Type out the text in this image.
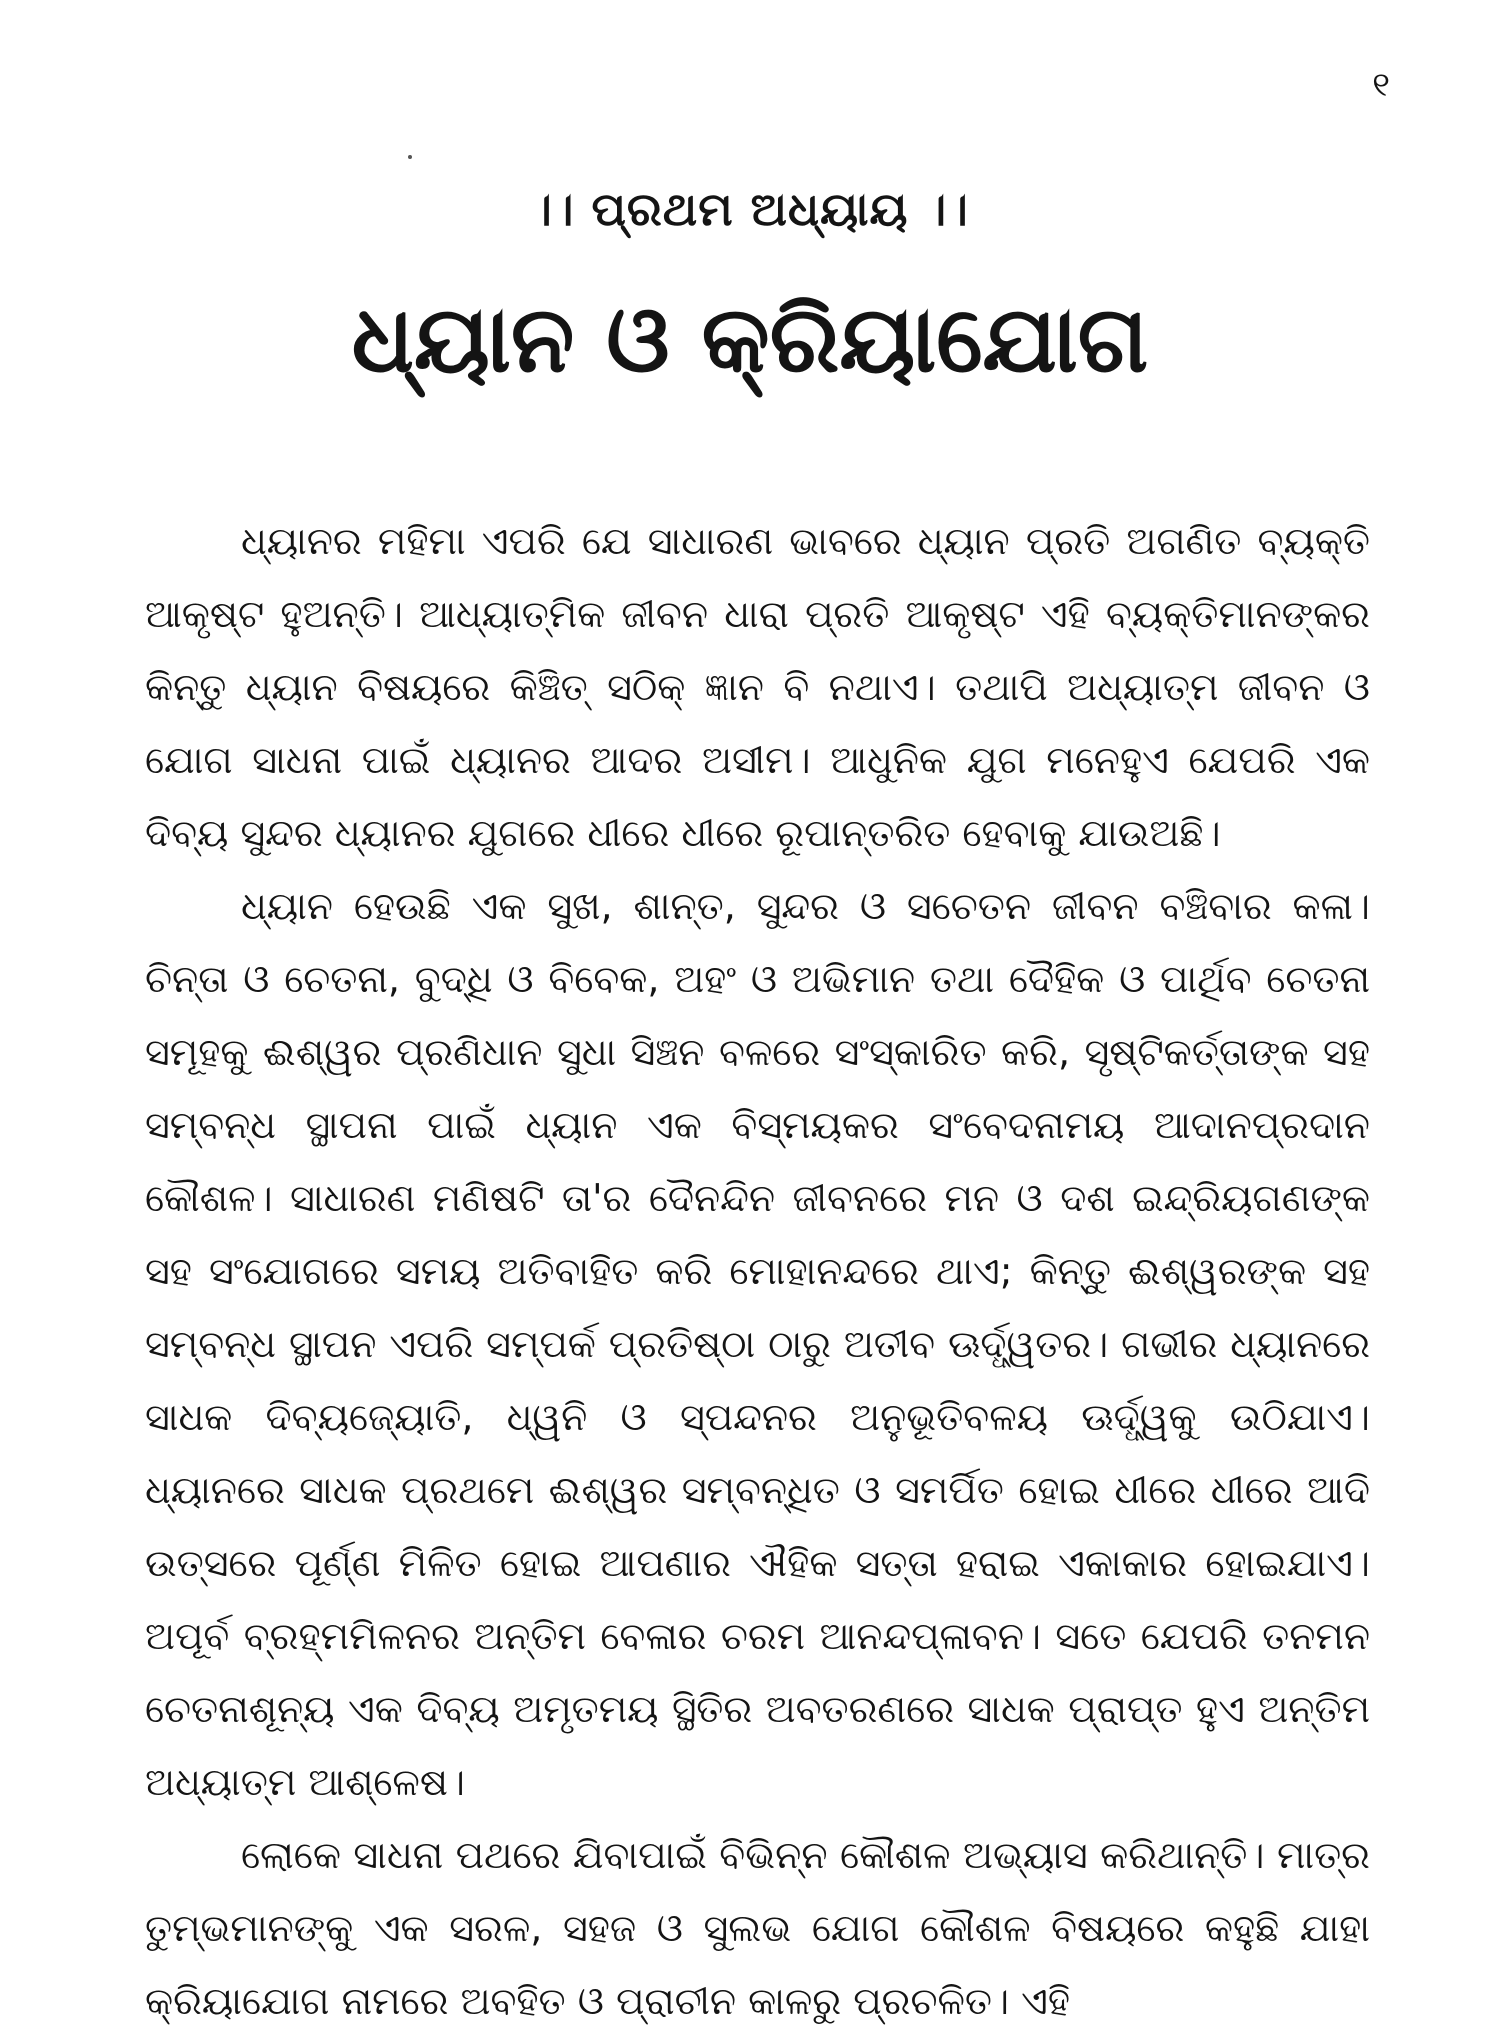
୧
।। ପ୍ରଥମ ଅଧ୍ୟାୟ ।।
ଧ୍ୟାନ ଓ କ୍ରିୟାଯୋଗ

ଧ୍ୟାନର ମହିମା ଏପରି ଯେ ସାଧାରଣ ଭାବରେ ଧ୍ୟାନ ପ୍ରତି ଅଗଣିତ ବ୍ୟକ୍ତି ଆକୃଷ୍ଟ ହୁଅନ୍ତି। ଆଧ୍ୟାତ୍ମିକ ଜୀବନ ଧାରା ପ୍ରତି ଆକୃଷ୍ଟ ଏହି ବ୍ୟକ୍ତିମାନଙ୍କର କିନ୍ତୁ ଧ୍ୟାନ ବିଷୟରେ କିଞ୍ଚିତ୍ ସଠିକ୍ ଜ୍ଞାନ ବି ନଥାଏ। ତଥାପି ଅଧ୍ୟାତ୍ମ ଜୀବନ ଓ ଯୋଗ ସାଧନା ପାଇଁ ଧ୍ୟାନର ଆଦର ଅସୀମ। ଆଧୁନିକ ଯୁଗ ମନେହୁଏ ଯେପରି ଏକ ଦିବ୍ୟ ସୁନ୍ଦର ଧ୍ୟାନର ଯୁଗରେ ଧୀରେ ଧୀରେ ରୂପାନ୍ତରିତ ହେବାକୁ ଯାଉଅଛି।

ଧ୍ୟାନ ହେଉଛି ଏକ ସୁଖ, ଶାନ୍ତ, ସୁନ୍ଦର ଓ ସଚେତନ ଜୀବନ ବଞ୍ଚିବାର କଳା। ଚିନ୍ତା ଓ ଚେତନା, ବୁଦ୍ଧି ଓ ବିବେକ, ଅହଂ ଓ ଅଭିମାନ ତଥା ଦୈହିକ ଓ ପାର୍ଥିବ ଚେତନା ସମୂହକୁ ଈଶ୍ୱର ପ୍ରଣିଧାନ ସୁଧା ସିଞ୍ଚନ ବଳରେ ସଂସ୍କାରିତ କରି, ସୃଷ୍ଟିକର୍ତ୍ତାଙ୍କ ସହ ସମ୍ବନ୍ଧ ସ୍ଥାପନା ପାଇଁ ଧ୍ୟାନ ଏକ ବିସ୍ମୟକର ସଂବେଦନାମୟ ଆଦାନପ୍ରଦାନ କୌଶଳ। ସାଧାରଣ ମଣିଷଟି ତା'ର ଦୈନନ୍ଦିନ ଜୀବନରେ ମନ ଓ ଦଶ ଇନ୍ଦ୍ରିୟଗଣଙ୍କ ସହ ସଂଯୋଗରେ ସମୟ ଅତିବାହିତ କରି ମୋହାନନ୍ଦରେ ଥାଏ; କିନ୍ତୁ ଈଶ୍ୱରଙ୍କ ସହ ସମ୍ବନ୍ଧ ସ୍ଥାପନ ଏପରି ସମ୍ପର୍କ ପ୍ରତିଷ୍ଠା ଠାରୁ ଅତୀବ ଊର୍ଦ୍ଧ୍ୱତର। ଗଭୀର ଧ୍ୟାନରେ ସାଧକ ଦିବ୍ୟଜ୍ୟୋତି, ଧ୍ୱନି ଓ ସ୍ପନ୍ଦନର ଅନୁଭୂତିବଳୟ ଊର୍ଦ୍ଧ୍ୱକୁ ଉଠିଯାଏ। ଧ୍ୟାନରେ ସାଧକ ପ୍ରଥମେ ଈଶ୍ୱର ସମ୍ବନ୍ଧିତ ଓ ସମର୍ପିତ ହୋଇ ଧୀରେ ଧୀରେ ଆଦି ଉତ୍ସରେ ପୂର୍ଣ୍ଣ ମିଳିତ ହୋଇ ଆପଣାର ଐହିକ ସତ୍ତା ହରାଇ ଏକାକାର ହୋଇଯାଏ। ଅପୂର୍ବ ବ୍ରହ୍ମମିଳନର ଅନ୍ତିମ ବେଳାର ଚରମ ଆନନ୍ଦପ୍ଳାବନ। ସତେ ଯେପରି ତନମନ ଚେତନାଶୂନ୍ୟ ଏକ ଦିବ୍ୟ ଅମୃତମୟ ସ୍ଥିତିର ଅବତରଣରେ ସାଧକ ପ୍ରାପ୍ତ ହୁଏ ଅନ୍ତିମ ଅଧ୍ୟାତ୍ମ ଆଶ୍ଳେଷ।

ଲୋକେ ସାଧନା ପଥରେ ଯିବାପାଇଁ ବିଭିନ୍ନ କୌଶଳ ଅଭ୍ୟାସ କରିଥାନ୍ତି। ମାତ୍ର ତୁମ୍ଭମାନଙ୍କୁ ଏକ ସରଳ, ସହଜ ଓ ସୁଲଭ ଯୋଗ କୌଶଳ ବିଷୟରେ କହୁଛି ଯାହା କ୍ରିୟାଯୋଗ ନାମରେ ଅବହିତ ଓ ପ୍ରାଚୀନ କାଳରୁ ପ୍ରଚଳିତ। ଏହି
